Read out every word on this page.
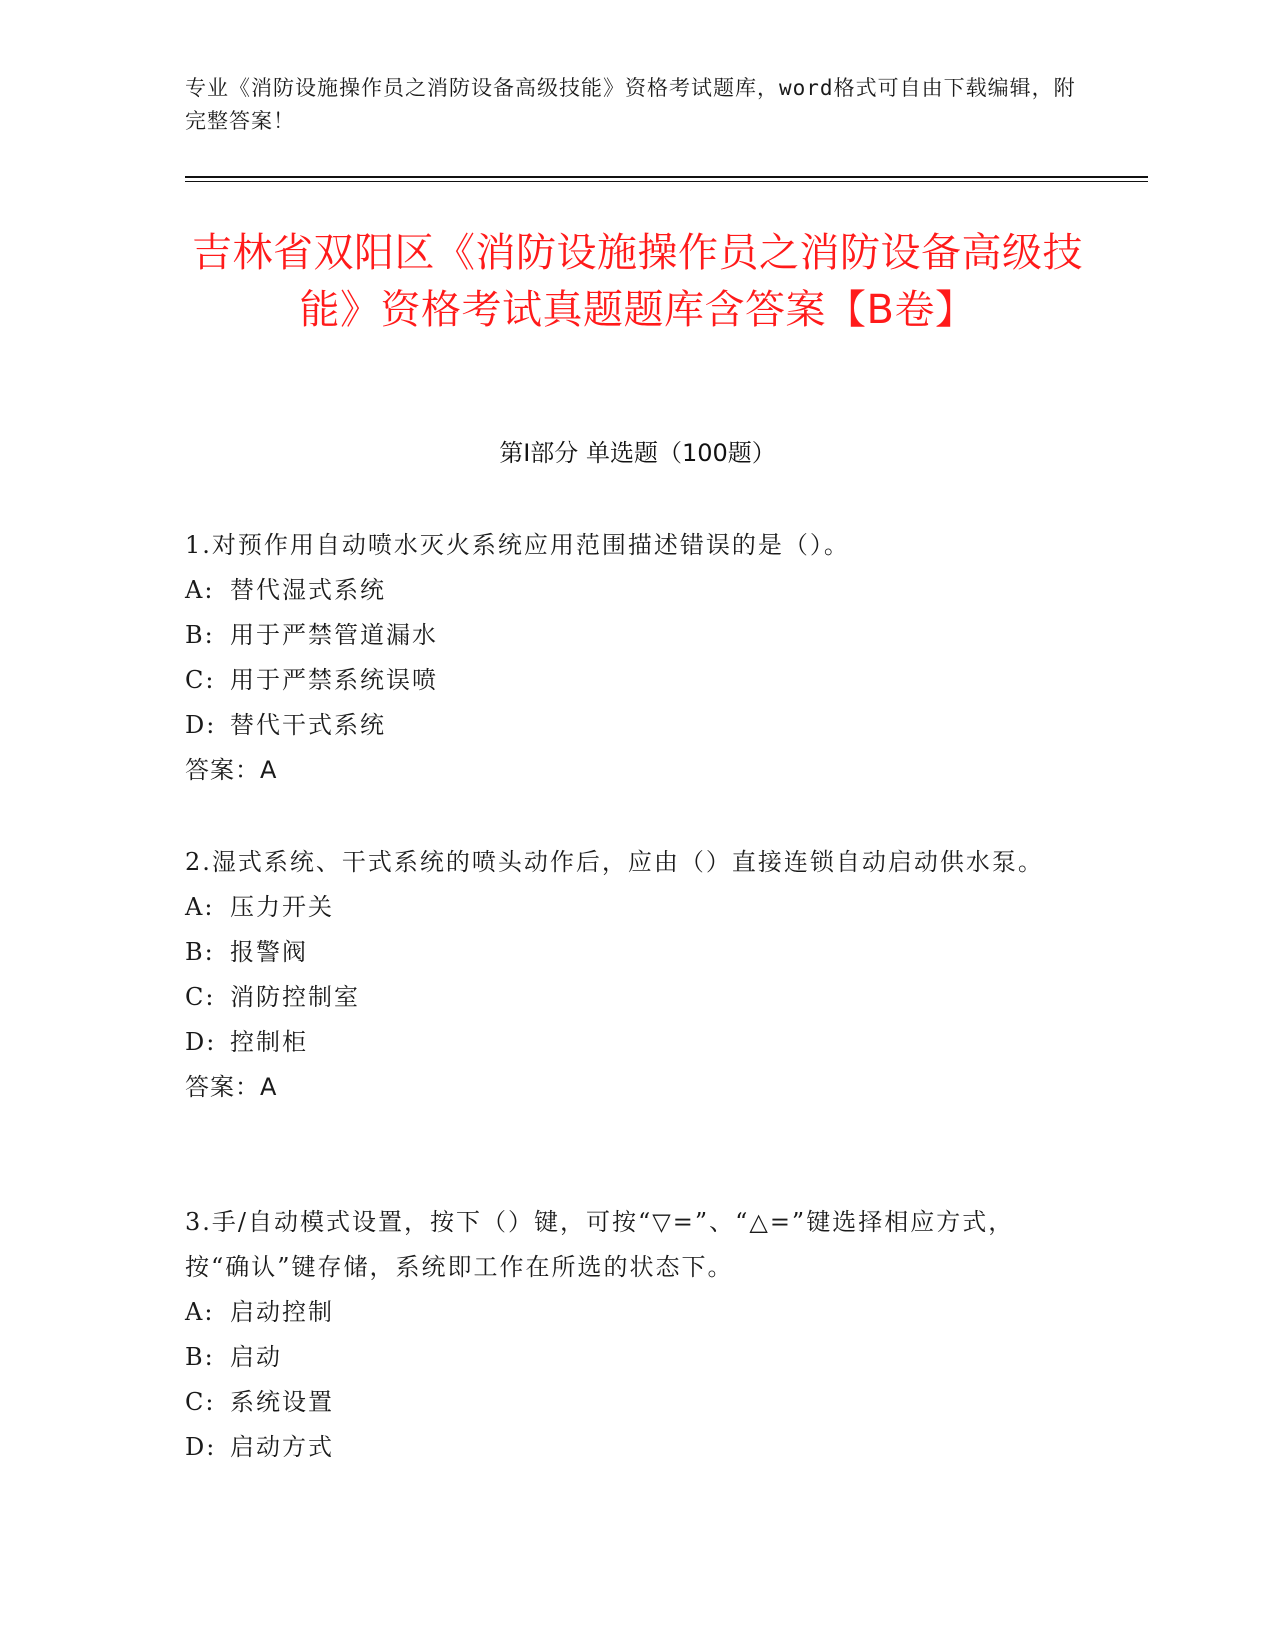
专业《消防设施操作员之消防设备高级技能》资格考试题库，word格式可自由下载编辑，附完整答案！
吉林省双阳区《消防设施操作员之消防设备高级技能》资格考试真题题库含答案【B卷】
第Ⅰ部分 单选题（100题）

1.对预作用自动喷水灭火系统应用范围描述错误的是（）。

A: 替代湿式系统

B: 用于严禁管道漏水

C: 用于严禁系统误喷

D: 替代干式系统

答案：A

2.湿式系统、干式系统的喷头动作后，应由（）直接连锁自动启动供水泵。

A: 压力开关

B: 报警阀

C: 消防控制室

D: 控制柜

答案：A

3.手/自动模式设置，按下（）键，可按“▽=”、“△=”键选择相应方式，按“确认”键存储，系统即工作在所选的状态下。

A: 启动控制

B: 启动

C: 系统设置

D: 启动方式
